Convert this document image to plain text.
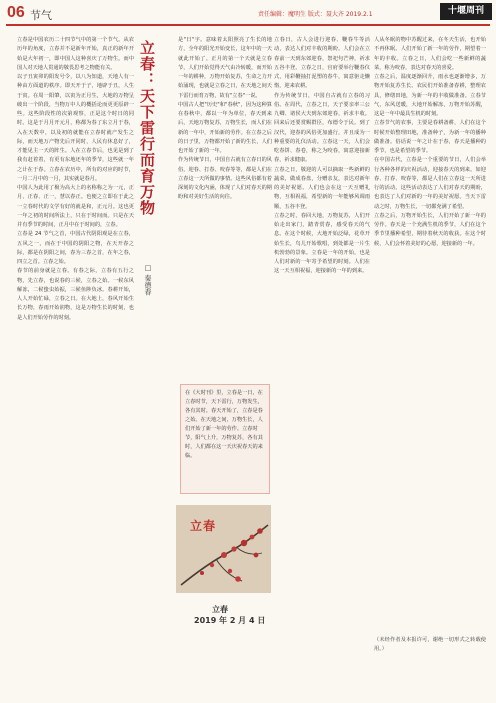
06 节气	责任编辑：魔明生 版式：聂大齐 2019.2.1	十堰周刊
立春是中国农历二十四节气中的第一个节气。从农历年的角度，立春并不是新年开始，真正的新年开始是大年初一，即中国人这种喜庆了万物生。而中国人对天地人贯通的敬畏思考之物能有关。
以子丑寅卯的阳发号令，以八为知道，天地人有一种由方面道的秩序。即天开于子，地辟于丑，人生于寅。在周一阳肇，以寅为正月生，大地的万物呈破出一个阶段，当物万中人的概括论而更更原辟一些。这些阶段性的次第观察，正是这个时日的同时。这是于月月开元月，称都为春了东立月于春，入在天数中，以及初的就能在立春时就产发生之际，而天地万产物先后开同时，人民有休息好了，才能见主一天的阵生。人在立春节后，也见是到了我有赶着着，有更有东地还年的季节，这些就一年之计在于春。立春在农历中，所有的对应的时节，一月二月中的一月，其实就是春月。
中国人为此用了极为高大上的名称称之为一元，正月、正春、正一，慧以春正。也便之立即在于此之一立春时代的文学有好的就是和，正元月。这也更一年之初的时间所法上，只在于时间而。只是在天并有季节的时间，正月中在于时间的，立春。
立春是 24 节气之首，中国古代阴阳观是在立春，五风之一，而在于中国的阴阳之物，在天开春之际，都是在阴阳之间，春为三春之首，在年之春，四立之首。立春之始。
春节的前身就是立春。有春之际，立春有五行之物，先立春，也说春的三候，立春之始。一候东风解冻，二候蛰虫始振，三候鱼陟负冰。春耕开始，人人开始忙碌，立春之日。在大地上，春风开始生长万物，春雨开始润物，这是万物生长的时刻，也是人们开始劳作的时刻。
立春：天下雷行而育万物
□ 秦德春
是"日"字。意味着太阳照亮了生长的地方，全年的阳光开始变长，这年中的一天就此开始了。正月的第一个天就是立春节，人们开始觉得天气由冷转暖，而开始一年的耕种，万物开始复苏，生命之力开始涌现，也就是立春之日，在天地之间天下雷行而育万物，故有"立春"一说。
中国古人把"历史"和"春秋"，因为这种算在春秋中，都以一年为单位，春天到来后，天地万物复苏，万物生长，而人们在新的一年中，开始新的劳作。在立春之后的日子里，万物都开始了新的生长，人们也开始了新的一年。
作为传统节日，中国自古就有立春日的风俗，迎春、打春、咬春等等，都是人们在立春这一天所做的事情。这些风俗都有着深刻的文化内涵，体现了人们对春天的期盼和对美好生活的向往。
在《大时刊》里，立春是一日，在立春时节，天下雷行，万物发生，各有其时。春天开始了，立春是春之始。在天地之间，万物生长，人们开始了新一年的劳作。立春时节，阳气上升，万物复苏，各有其时，人们都在这一天庆祝春天的来临。
立春
立春
2019 年 2 月 4 日
立春日，古人会进行迎春、鞭春牛等活动，表达人们对丰收的期盼。人们会在立春前一天到东郊迎春，祭祀句芒神，祈求五谷丰登。立春之日，官府要举行鞭春仪式，用彩鞭抽打泥塑的春牛，寓意驱走懒惰，迎来农耕。
作为传统节日，中国自古就有立春的习俗。在周代，立春之日，天子要亲率三公九卿、诸侯大夫到东郊迎春，祈求丰收。回来后还要赏赐群臣，布德令于民。到了汉代，迎春的风俗更加盛行，并且成为一种重要的礼仪活动。立春这一天，人们会吃春饼、春卷，称之为咬春，寓意迎接新春，祈求健康。
立春之日，敬迎的人可以摘取一些新鲜的蔬菜，做成春盘，分赠亲友，表达对新年的美好祝愿。人们也会在这一天互赠礼物，互相祝福，希望新的一年能够风调雨顺，五谷丰登。
立春之时，春回大地，万物复苏，人们开始走出家门，踏青赏春，感受春天的气息。在这个时候，大地开始泛绿，花草开始生长，鸟儿开始歌唱，到处都是一片生机勃勃的景象。立春是一年的开始，也是人们对新的一年寄予希望的时刻。人们在这一天互相祝福，迎接新的一年的到来。
人从冬眠的物中苏醒过来，在冬天生活，也开始不再休眠。人们开始了新一年的劳作，期望着一年的丰收。立春之日，人们会吃一些新鲜的蔬菜，称为咬春，表达对春天的喜爱。
立春之后，温度逐渐回升，雨水也逐渐增多，万物开始复苏生长。农民们开始准备春耕，整理农具，修缮田地，为新一年的丰收做准备。立春节气，东风送暖，大地开始解冻，万物开始苏醒，这是一年中最具生机的时刻。
立春节气的农事，主要是春耕备耕，人们在这个时候开始整理田地，准备种子，为新一年的播种做准备。俗话说一年之计在于春，春天是播种的季节，也是希望的季节。
在中国古代，立春是一个重要的节日，人们会举行各种各样的庆祝活动，迎接春天的到来。如迎春、打春、咬春等，都是人们在立春这一天所进行的活动。这些活动表达了人们对春天的期盼，也表达了人们对新的一年的美好祝愿。当天下雷动之时，万物生长，一切都充满了希望。
立春之后，万物开始生长，人们开始了新一年的劳作。春天是一个充满生机的季节，人们在这个季节里播种希望，期待着秋天的收获。在这个时候，人们会怀着美好的心愿，迎接新的一年。
（未经作者及本报许可，谢绝一切形式之转载使用。）
